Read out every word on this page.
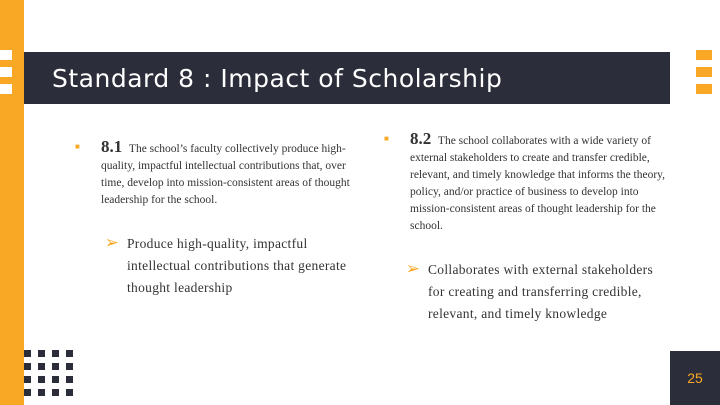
Standard 8 : Impact of Scholarship
■	8.1 The school’s faculty collectively produce high-quality, impactful intellectual contributions that, over time, develop into mission-consistent areas of thought leadership for the school.
➢ Produce high-quality, impactful intellectual contributions that generate thought leadership
■	8.2 The school collaborates with a wide variety of external stakeholders to create and transfer credible, relevant, and timely knowledge that informs the theory, policy, and/or practice of business to develop into mission-consistent areas of thought leadership for the school.
➢ Collaborates with external stakeholders for creating and transferring credible, relevant, and timely knowledge
25
